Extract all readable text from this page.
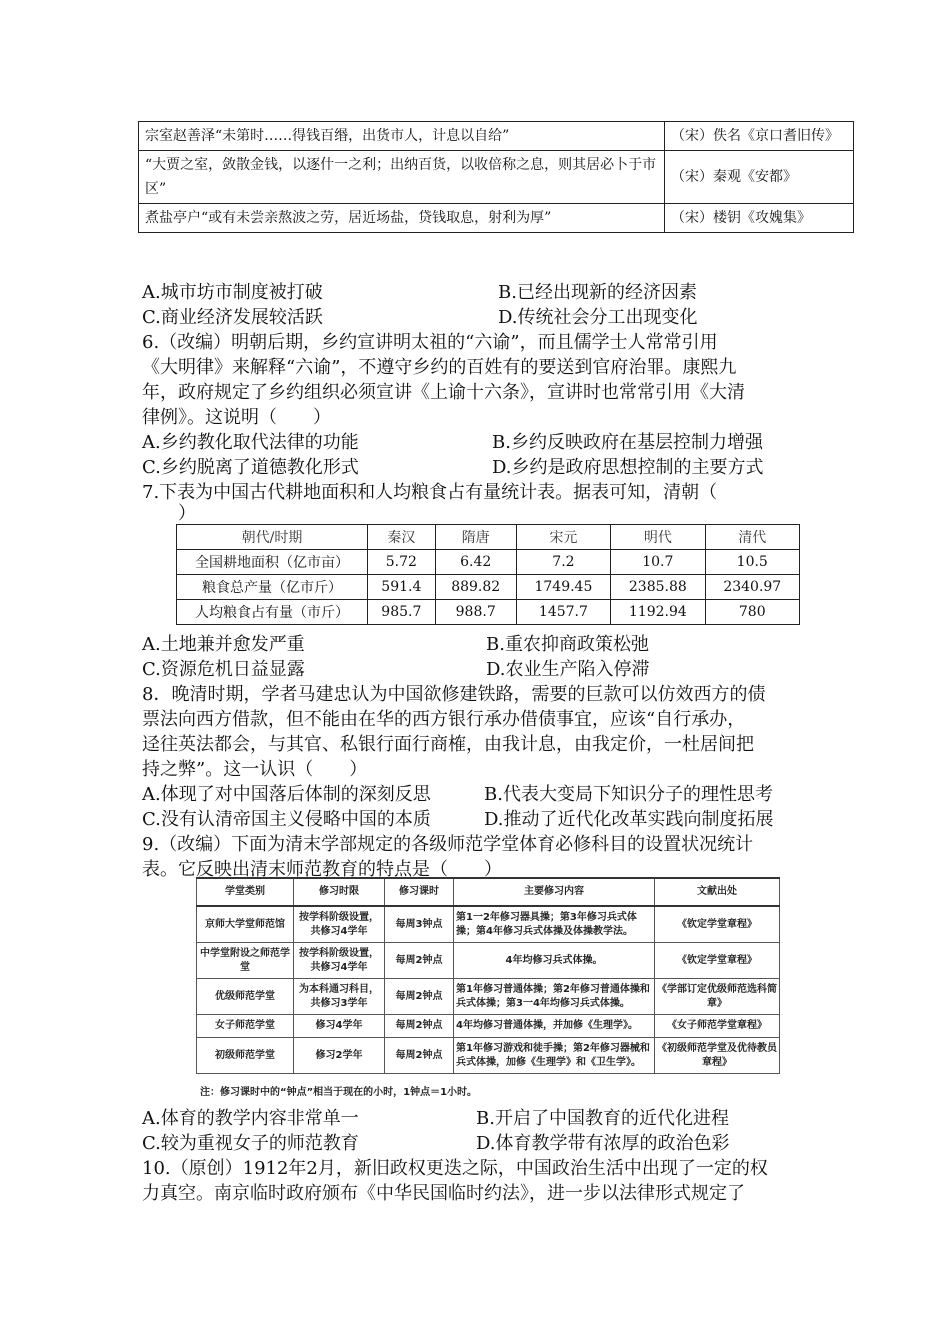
宗室赵善泽“未第时……得钱百缗，出货市人，计息以自给”	（宋）佚名《京口耆旧传》
“大贾之室，敛散金钱，以逐什一之利；出纳百货，以收倍称之息，则其居必卜于市区”	（宋）秦观《安都》
煮盐亭户“或有未尝亲熬波之劳，居近场盐，贷钱取息，射利为厚”	（宋）楼钥《攻媿集》
A.城市坊市制度被打破	B.已经出现新的经济因素
C.商业经济发展较活跃	D.传统社会分工出现变化
6.（改编）明朝后期，乡约宣讲明太祖的“六谕”，而且儒学士人常常引用
《大明律》来解释“六谕”，不遵守乡约的百姓有的要送到官府治罪。康熙九
年，政府规定了乡约组织必须宣讲《上谕十六条》，宣讲时也常常引用《大清
律例》。这说明（　　）
A.乡约教化取代法律的功能	B.乡约反映政府在基层控制力增强
C.乡约脱离了道德教化形式	D.乡约是政府思想控制的主要方式
7.下表为中国古代耕地面积和人均粮食占有量统计表。据表可知，清朝（
　　）
朝代/时期	秦汉	隋唐	宋元	明代	清代
全国耕地面积（亿市亩）	5.72	6.42	7.2	10.7	10.5
粮食总产量（亿市斤）	591.4	889.82	1749.45	2385.88	2340.97
人均粮食占有量（市斤）	985.7	988.7	1457.7	1192.94	780
A.土地兼并愈发严重	B.重农抑商政策松弛
C.资源危机日益显露	D.农业生产陷入停滞
8．晚清时期，学者马建忠认为中国欲修建铁路，需要的巨款可以仿效西方的债
票法向西方借款，但不能由在华的西方银行承办借债事宜，应该“自行承办，
迳往英法都会，与其官、私银行面行商榷，由我计息，由我定价，一杜居间把
持之弊”。这一认识（　　）
A.体现了对中国落后体制的深刻反思	B.代表大变局下知识分子的理性思考
C.没有认清帝国主义侵略中国的本质	D.推动了近代化改革实践向制度拓展
9.（改编）下面为清末学部规定的各级师范学堂体育必修科目的设置状况统计
表。它反映出清末师范教育的特点是（　　）
学堂类别	修习时限	修习课时	主要修习内容	文献出处
京师大学堂师范馆	按学科阶级设置，共修习4学年	每周3钟点	第1一2年修习器具操；第3年修习兵式体操；第4年修习兵式体操及体操教学法。	《钦定学堂章程》
中学堂附设之师范学堂	按学科阶级设置，共修习4学年	每周2钟点	4年均修习兵式体操。	《钦定学堂章程》
优级师范学堂	为本科通习科目，共修习3学年	每周2钟点	第1年修习普通体操；第2年修习普通体操和兵式体操；第3一4年均修习兵式体操。	《学部订定优级师范选科简章》
女子师范学堂	修习4学年	每周2钟点	4年均修习普通体操，并加修《生理学》。	《女子师范学堂章程》
初级师范学堂	修习2学年	每周2钟点	第1年修习游戏和徒手操；第2年修习器械和兵式体操，加修《生理学》和《卫生学》。	《初级师范学堂及优待教员章程》
注：修习课时中的“钟点”相当于现在的小时，1钟点＝1小时。
A.体育的教学内容非常单一	B.开启了中国教育的近代化进程
C.较为重视女子的师范教育	D.体育教学带有浓厚的政治色彩
10.（原创）1912年2月，新旧政权更迭之际，中国政治生活中出现了一定的权
力真空。南京临时政府颁布《中华民国临时约法》，进一步以法律形式规定了
